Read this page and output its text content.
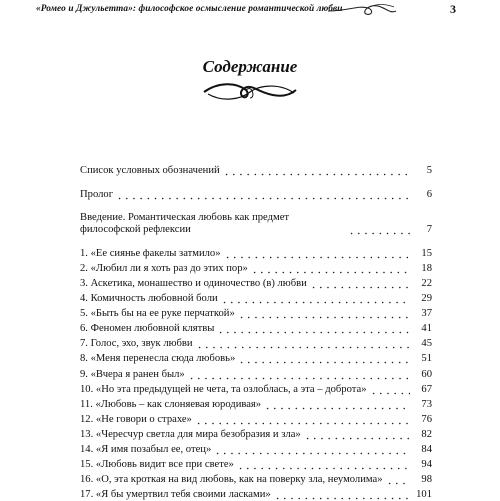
«Ромео и Джульетта»: философское осмысление романтической любви	3
Содержание
Список условных обозначений	5
Пролог	6
Введение. Романтическая любовь как предмет философской рефлексии	7
1. «Ее сиянье факелы затмило»	15
2. «Любил ли я хоть раз до этих пор»	18
3. Аскетика, монашество и одиночество (в) любви	22
4. Комичность любовной боли	29
5. «Быть бы на ее руке перчаткой»	37
6. Феномен любовной клятвы	41
7. Голос, эхо, звук любви	45
8. «Меня перенесла сюда любовь»	51
9. «Вчера я ранен был»	60
10. «Но эта предыдущей не чета, та озлоблась, а эта – доброта»	67
11. «Любовь – как слоняевая юродивая»	73
12. «Не говори о страхе»	76
13. «Чересчур светла для мира безобразия и зла»	82
14. «Я имя позабыл ее, отец»	84
15. «Любовь видит все при свете»	94
16. «О, эта кроткая на вид любовь, как на поверку зла, неумолима»	98
17. «Я бы умертвил тебя своими ласками»	101
